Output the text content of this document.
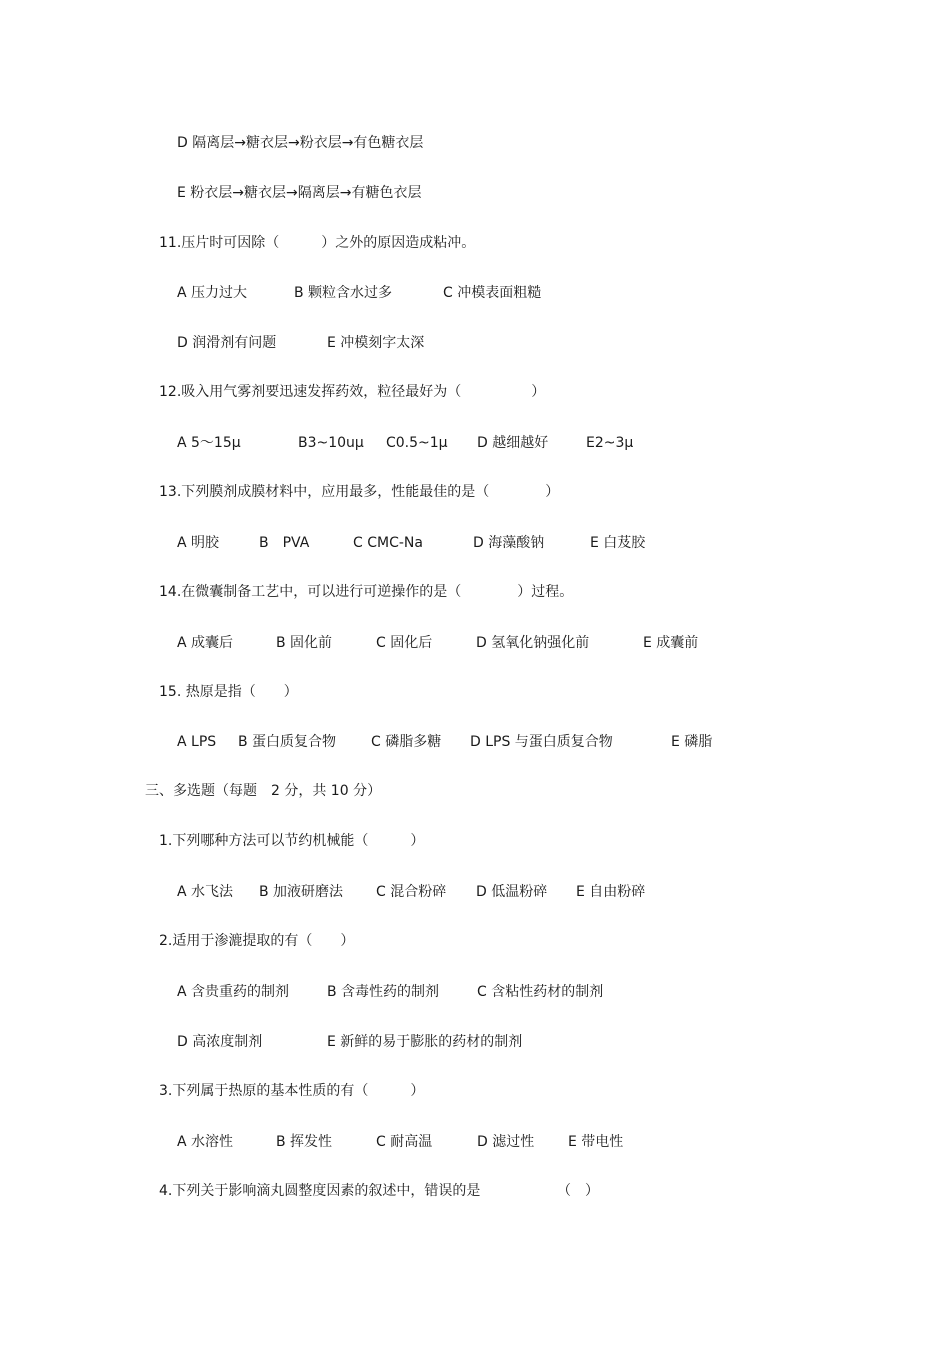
D 隔离层→糖衣层→粉衣层→有色糖衣层
E 粉衣层→糖衣层→隔离层→有糖色衣层
11.压片时可因除（　　　）之外的原因造成粘冲。
A 压力过大	B 颗粒含水过多	C 冲模表面粗糙
D 润滑剂有问题	E 冲模刻字太深
12.吸入用气雾剂要迅速发挥药效，粒径最好为（　　　　　）
A 5～15μ	B3~10uμ C0.5~1μ D 越细越好	E2~3μ
13.下列膜剂成膜材料中，应用最多，性能最佳的是（　　　　）
A 明胶	B　PVA	C CMC-Na	D 海藻酸钠	E 白芨胶
14.在微囊制备工艺中，可以进行可逆操作的是（　　　　）过程。
A 成囊后	B 固化前	C 固化后	D 氢氧化钠强化前	E 成囊前
15. 热原是指（　　）
A LPS B 蛋白质复合物 C 磷脂多糖 D LPS 与蛋白质复合物	E 磷脂
三、多选题（每题　2 分，共 10 分）
1.下列哪种方法可以节约机械能（　　　）
A 水飞法 B 加液研磨法 C 混合粉碎 D 低温粉碎 E 自由粉碎
2.适用于渗漉提取的有（　　）
A 含贵重药的制剂	B 含毒性药的制剂	C 含粘性药材的制剂
D 高浓度制剂	E 新鲜的易于膨胀的药材的制剂
3.下列属于热原的基本性质的有（　　　）
A 水溶性	B 挥发性	C 耐高温	D 滤过性 E 带电性
4.下列关于影响滴丸圆整度因素的叙述中，错误的是	（　）
